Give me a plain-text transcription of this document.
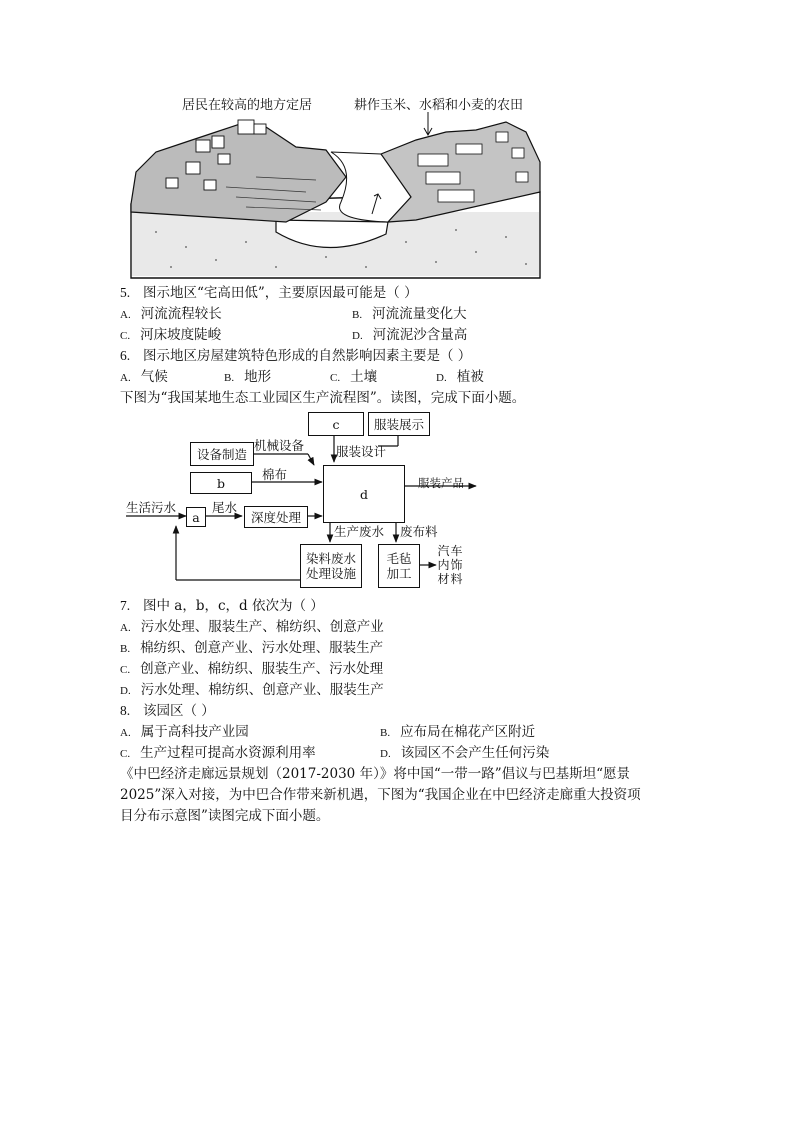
居民在较高的地方定居	耕作玉米、水稻和小麦的农田
5. 图示地区“宅高田低”，主要原因最可能是（ ）
A. 河流流程较长	B. 河流流量变化大
C. 河床坡度陡峻	D. 河流泥沙含量高
6. 图示地区房屋建筑特色形成的自然影响因素主要是（ ）
A. 气候	B. 地形	C. 土壤	D. 植被
下图为“我国某地生态工业园区生产流程图”。读图，完成下面小题。
c	服装展示
设备制造
机械设备	服装设计
b
棉布
d
服装产品
生活污水
a
尾水
深度处理
生产废水 废布料
染料废水
处理设施
毛毡
加工
汽 车
内 饰
材 料
7. 图中 a，b，c，d 依次为（ ）
A. 污水处理、服装生产、棉纺织、创意产业
B. 棉纺织、创意产业、污水处理、服装生产
C. 创意产业、棉纺织、服装生产、污水处理
D. 污水处理、棉纺织、创意产业、服装生产
8. 该园区（ ）
A. 属于高科技产业园	B. 应布局在棉花产区附近
C. 生产过程可提高水资源利用率	D. 该园区不会产生任何污染
《中巴经济走廊远景规划（2017-2030 年）》将中国“一带一路”倡议与巴基斯坦“愿景
2025”深入对接，为中巴合作带来新机遇，下图为“我国企业在中巴经济走廊重大投资项
目分布示意图”读图完成下面小题。
